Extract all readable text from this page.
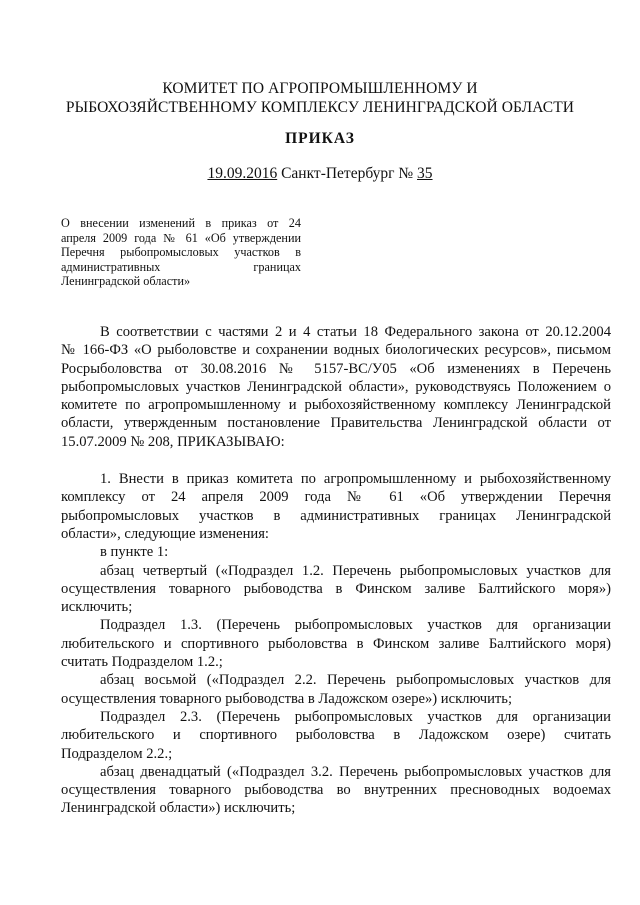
КОМИТЕТ ПО АГРОПРОМЫШЛЕННОМУ И
РЫБОХОЗЯЙСТВЕННОМУ КОМПЛЕКСУ ЛЕНИНГРАДСКОЙ ОБЛАСТИ
ПРИКАЗ
19.09.2016 Санкт-Петербург № 35
О внесении изменений в приказ от 24
апреля 2009 года № 61 «Об утверждении
Перечня рыбопромысловых участков в
административных границах
Ленинградской области»

В соответствии с частями 2 и 4 статьи 18 Федерального закона от 20.12.2004
№ 166-ФЗ «О рыболовстве и сохранении водных биологических ресурсов», письмом
Росрыболовства от 30.08.2016 № 5157-ВС/У05 «Об изменениях в Перечень
рыбопромысловых участков Ленинградской области», руководствуясь Положением о
комитете по агропромышленному и рыбохозяйственному комплексу Ленинградской
области, утвержденным постановление Правительства Ленинградской области от
15.07.2009 № 208, ПРИКАЗЫВАЮ:

1. Внести в приказ комитета по агропромышленному и рыбохозяйственному
комплексу от 24 апреля 2009 года № 61 «Об утверждении Перечня
рыбопромысловых участков в административных границах Ленинградской
области», следующие изменения:

в пункте 1:

абзац четвертый («Подраздел 1.2. Перечень рыбопромысловых участков для
осуществления товарного рыбоводства в Финском заливе Балтийского моря»)
исключить;

Подраздел 1.3. (Перечень рыбопромысловых участков для организации
любительского и спортивного рыболовства в Финском заливе Балтийского моря)
считать Подразделом 1.2.;

абзац восьмой («Подраздел 2.2. Перечень рыбопромысловых участков для
осуществления товарного рыбоводства в Ладожском озере») исключить;

Подраздел 2.3. (Перечень рыбопромысловых участков для организации
любительского и спортивного рыболовства в Ладожском озере) считать
Подразделом 2.2.;

абзац двенадцатый («Подраздел 3.2. Перечень рыбопромысловых участков для
осуществления товарного рыбоводства во внутренних пресноводных водоемах
Ленинградской области») исключить;
